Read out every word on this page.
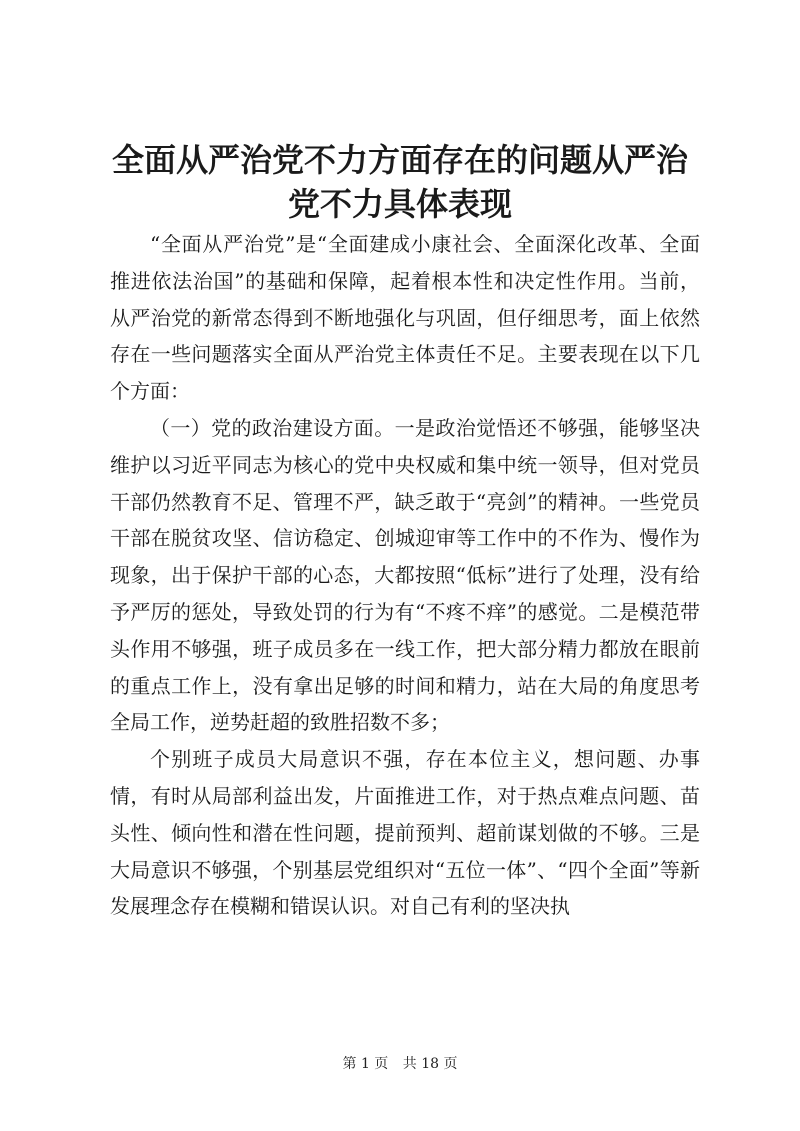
全面从严治党不力方面存在的问题从严治党不力具体表现

“全面从严治党”是“全面建成小康社会、全面深化改革、全面推进依法治国”的基础和保障，起着根本性和决定性作用。当前，从严治党的新常态得到不断地强化与巩固，但仔细思考，面上依然存在一些问题落实全面从严治党主体责任不足。主要表现在以下几个方面：

（一）党的政治建设方面。一是政治觉悟还不够强，能够坚决维护以习近平同志为核心的党中央权威和集中统一领导，但对党员干部仍然教育不足、管理不严，缺乏敢于“亮剑”的精神。一些党员干部在脱贫攻坚、信访稳定、创城迎审等工作中的不作为、慢作为现象，出于保护干部的心态，大都按照“低标”进行了处理，没有给予严厉的惩处，导致处罚的行为有“不疼不痒”的感觉。二是模范带头作用不够强，班子成员多在一线工作，把大部分精力都放在眼前的重点工作上，没有拿出足够的时间和精力，站在大局的角度思考全局工作，逆势赶超的致胜招数不多；

个别班子成员大局意识不强，存在本位主义，想问题、办事情，有时从局部利益出发，片面推进工作，对于热点难点问题、苗头性、倾向性和潜在性问题，提前预判、超前谋划做的不够。三是大局意识不够强，个别基层党组织对“五位一体”、“四个全面”等新发展理念存在模糊和错误认识。对自己有利的坚决执

第 1 页 共 18 页
